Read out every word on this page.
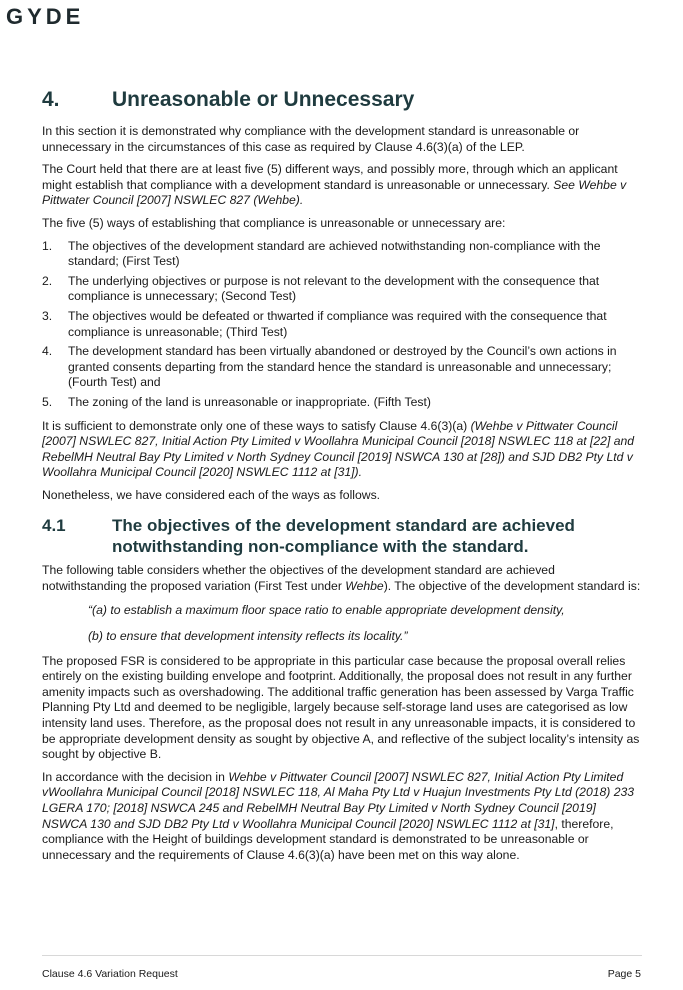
GYDE
4.	Unreasonable or Unnecessary

In this section it is demonstrated why compliance with the development standard is unreasonable or unnecessary in the circumstances of this case as required by Clause 4.6(3)(a) of the LEP.

The Court held that there are at least five (5) different ways, and possibly more, through which an applicant might establish that compliance with a development standard is unreasonable or unnecessary. See Wehbe v Pittwater Council [2007] NSWLEC 827 (Wehbe).

The five (5) ways of establishing that compliance is unreasonable or unnecessary are:

1.	The objectives of the development standard are achieved notwithstanding non-compliance with the standard; (First Test)
2.	The underlying objectives or purpose is not relevant to the development with the consequence that compliance is unnecessary; (Second Test)
3.	The objectives would be defeated or thwarted if compliance was required with the consequence that compliance is unreasonable; (Third Test)
4.	The development standard has been virtually abandoned or destroyed by the Council’s own actions in granted consents departing from the standard hence the standard is unreasonable and unnecessary; (Fourth Test) and
5.	The zoning of the land is unreasonable or inappropriate. (Fifth Test)

It is sufficient to demonstrate only one of these ways to satisfy Clause 4.6(3)(a) (Wehbe v Pittwater Council [2007] NSWLEC 827, Initial Action Pty Limited v Woollahra Municipal Council [2018] NSWLEC 118 at [22] and RebelMH Neutral Bay Pty Limited v North Sydney Council [2019] NSWCA 130 at [28]) and SJD DB2 Pty Ltd v Woollahra Municipal Council [2020] NSWLEC 1112 at [31]).

Nonetheless, we have considered each of the ways as follows.

4.1	The objectives of the development standard are achieved notwithstanding non-compliance with the standard.

The following table considers whether the objectives of the development standard are achieved notwithstanding the proposed variation (First Test under Wehbe). The objective of the development standard is:

“(a) to establish a maximum floor space ratio to enable appropriate development density,
(b) to ensure that development intensity reflects its locality.”

The proposed FSR is considered to be appropriate in this particular case because the proposal overall relies entirely on the existing building envelope and footprint. Additionally, the proposal does not result in any further amenity impacts such as overshadowing. The additional traffic generation has been assessed by Varga Traffic Planning Pty Ltd and deemed to be negligible, largely because self-storage land uses are categorised as low intensity land uses. Therefore, as the proposal does not result in any unreasonable impacts, it is considered to be appropriate development density as sought by objective A, and reflective of the subject locality’s intensity as sought by objective B.

In accordance with the decision in Wehbe v Pittwater Council [2007] NSWLEC 827, Initial Action Pty Limited vWoollahra Municipal Council [2018] NSWLEC 118, Al Maha Pty Ltd v Huajun Investments Pty Ltd (2018) 233 LGERA 170; [2018] NSWCA 245 and RebelMH Neutral Bay Pty Limited v North Sydney Council [2019] NSWCA 130 and SJD DB2 Pty Ltd v Woollahra Municipal Council [2020] NSWLEC 1112 at [31], therefore, compliance with the Height of buildings development standard is demonstrated to be unreasonable or unnecessary and the requirements of Clause 4.6(3)(a) have been met on this way alone.

Clause 4.6 Variation Request	Page 5
